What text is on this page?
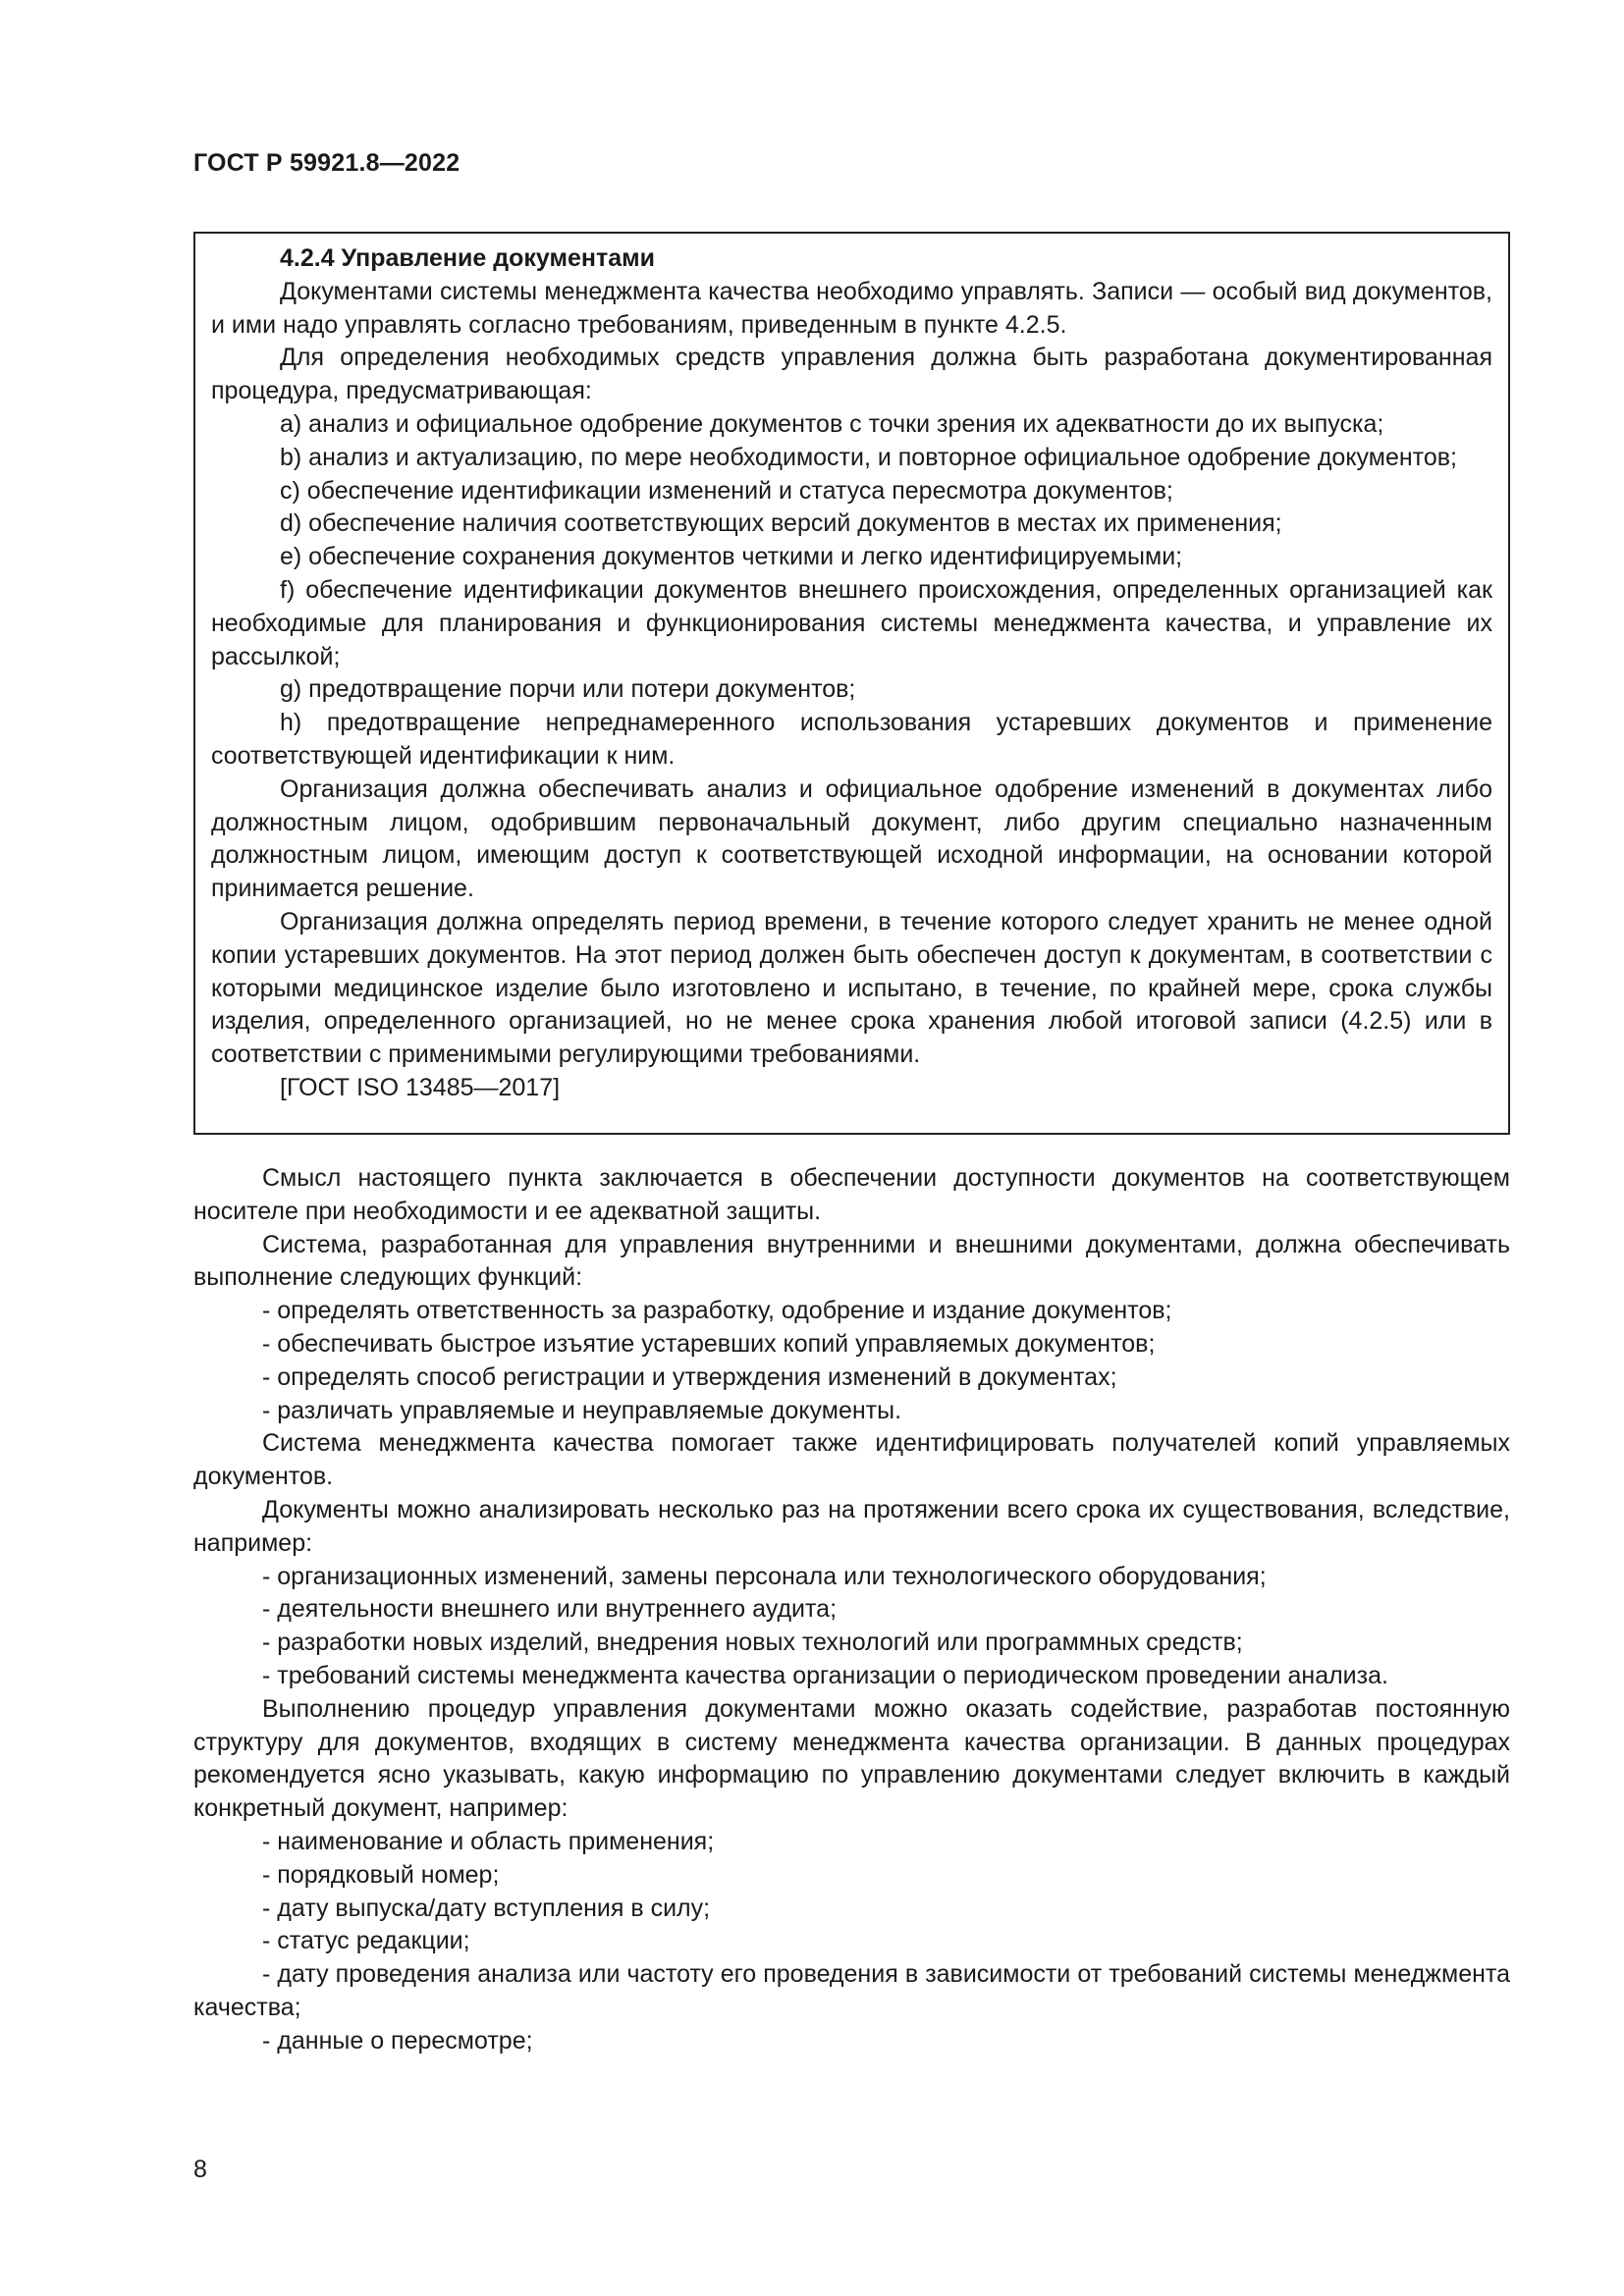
ГОСТ Р 59921.8—2022

4.2.4 Управление документами

Документами системы менеджмента качества необходимо управлять. Записи — особый вид документов, и ими надо управлять согласно требованиям, приведенным в пункте 4.2.5.

Для определения необходимых средств управления должна быть разработана документированная процедура, предусматривающая:

a) анализ и официальное одобрение документов с точки зрения их адекватности до их выпуска;

b) анализ и актуализацию, по мере необходимости, и повторное официальное одобрение документов;

c) обеспечение идентификации изменений и статуса пересмотра документов;

d) обеспечение наличия соответствующих версий документов в местах их применения;

e) обеспечение сохранения документов четкими и легко идентифицируемыми;

f) обеспечение идентификации документов внешнего происхождения, определенных организацией как необходимые для планирования и функционирования системы менеджмента качества, и управление их рассылкой;

g) предотвращение порчи или потери документов;

h) предотвращение непреднамеренного использования устаревших документов и применение соответствующей идентификации к ним.

Организация должна обеспечивать анализ и официальное одобрение изменений в документах либо должностным лицом, одобрившим первоначальный документ, либо другим специально назначенным должностным лицом, имеющим доступ к соответствующей исходной информации, на основании которой принимается решение.

Организация должна определять период времени, в течение которого следует хранить не менее одной копии устаревших документов. На этот период должен быть обеспечен доступ к документам, в соответствии с которыми медицинское изделие было изготовлено и испытано, в течение, по крайней мере, срока службы изделия, определенного организацией, но не менее срока хранения любой итоговой записи (4.2.5) или в соответствии с применимыми регулирующими требованиями.

[ГОСТ ISO 13485—2017]

Смысл настоящего пункта заключается в обеспечении доступности документов на соответствующем носителе при необходимости и ее адекватной защиты.

Система, разработанная для управления внутренними и внешними документами, должна обеспечивать выполнение следующих функций:

- определять ответственность за разработку, одобрение и издание документов;

- обеспечивать быстрое изъятие устаревших копий управляемых документов;

- определять способ регистрации и утверждения изменений в документах;

- различать управляемые и неуправляемые документы.

Система менеджмента качества помогает также идентифицировать получателей копий управляемых документов.

Документы можно анализировать несколько раз на протяжении всего срока их существования, вследствие, например:

- организационных изменений, замены персонала или технологического оборудования;

- деятельности внешнего или внутреннего аудита;

- разработки новых изделий, внедрения новых технологий или программных средств;

- требований системы менеджмента качества организации о периодическом проведении анализа.

Выполнению процедур управления документами можно оказать содействие, разработав постоянную структуру для документов, входящих в систему менеджмента качества организации. В данных процедурах рекомендуется ясно указывать, какую информацию по управлению документами следует включить в каждый конкретный документ, например:

- наименование и область применения;

- порядковый номер;

- дату выпуска/дату вступления в силу;

- статус редакции;

- дату проведения анализа или частоту его проведения в зависимости от требований системы менеджмента качества;

- данные о пересмотре;

8
